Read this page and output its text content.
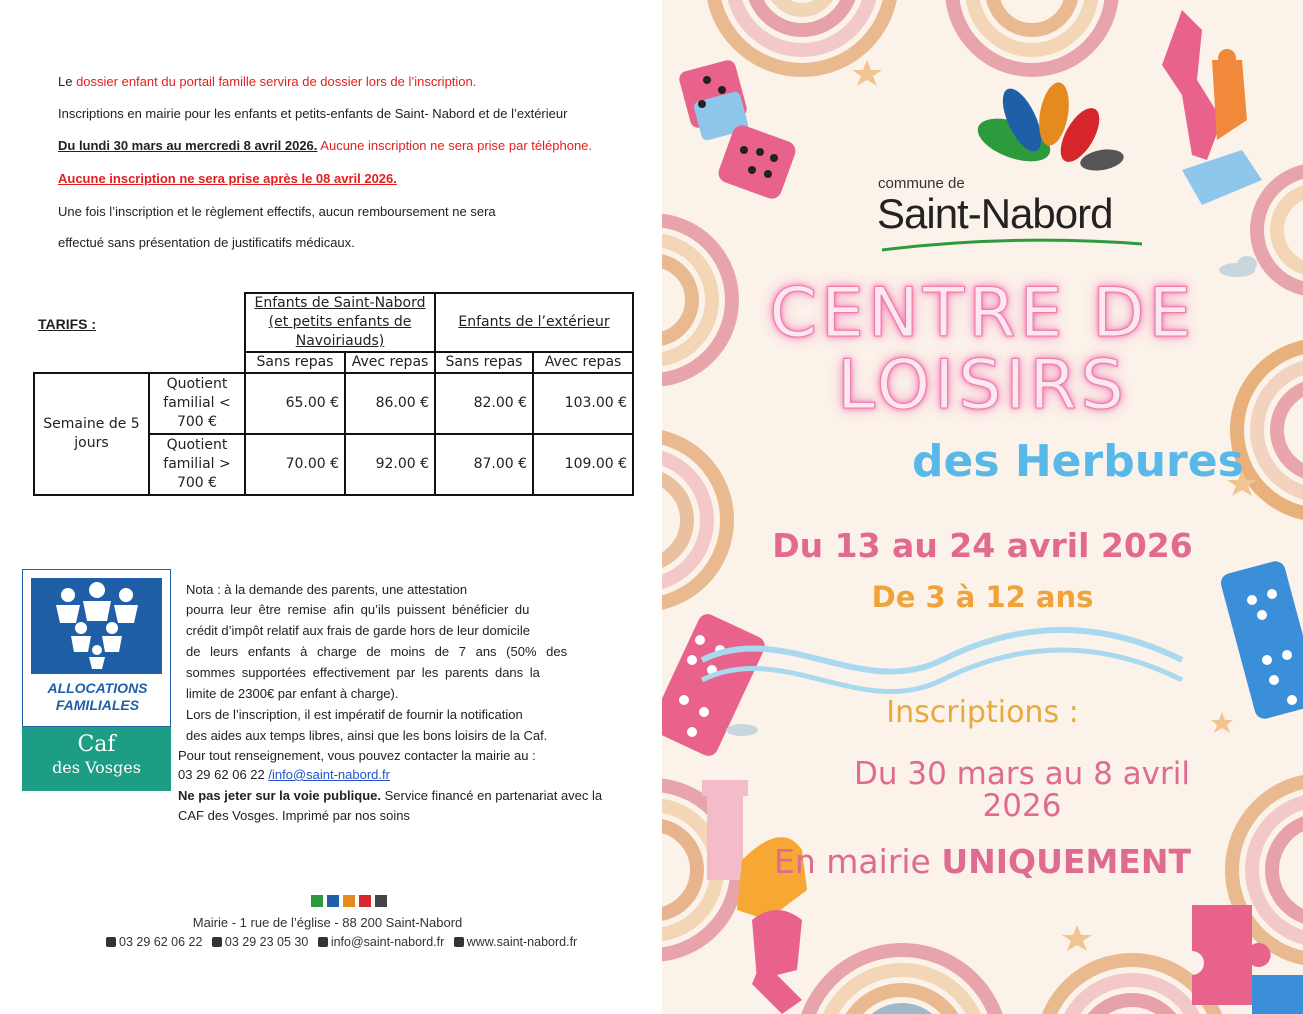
Le dossier enfant du portail famille servira de dossier lors de l’inscription.
Inscriptions en mairie pour les enfants et petits-enfants de Saint- Nabord et de l’extérieur
Du lundi 30 mars au mercredi 8 avril 2026. Aucune inscription ne sera prise par téléphone.
Aucune inscription ne sera prise après le 08 avril 2026.
Une fois l’inscription et le règlement effectifs, aucun remboursement ne sera
effectué sans présentation de justificatifs médicaux.
TARIFS :
		Enfants de Saint-Nabord (et petits enfants de Navoiriauds)		Enfants de l’extérieur	
		Sans repas	Avec repas	Sans repas	Avec repas
Semaine de 5 jours	Quotient familial < 700 €	65.00 €	86.00 €	82.00 €	103.00 €
	Quotient familial > 700 €	70.00 €	92.00 €	87.00 €	109.00 €
ALLOCATIONS
FAMILIALES
Caf
des Vosges
Nota : à la demande des parents, une attestation
pourra leur être remise afin qu’ils puissent bénéficier du
crédit d’impôt relatif aux frais de garde hors de leur domicile
de leurs enfants à charge de moins de 7 ans (50% des
sommes supportées effectivement par les parents dans la
limite de 2300€ par enfant à charge).
Lors de l’inscription, il est impératif de fournir la notification
des aides aux temps libres, ainsi que les bons loisirs de la Caf.
Pour tout renseignement, vous pouvez contacter la mairie au :
03 29 62 06 22 /info@saint-nabord.fr
Ne pas jeter sur la voie publique. Service financé en partenariat avec la
CAF des Vosges. Imprimé par nos soins
Mairie - 1 rue de l’église - 88 200 Saint-Nabord
03 29 62 06 22 03 29 23 05 30 info@saint-nabord.fr www.saint-nabord.fr
commune de
Saint-Nabord
CENTRE DE
LOISIRS
des Herbures
Du 13 au 24 avril 2026
De 3 à 12 ans
Inscriptions :
Du 30 mars au 8 avril 2026
En mairie UNIQUEMENT
